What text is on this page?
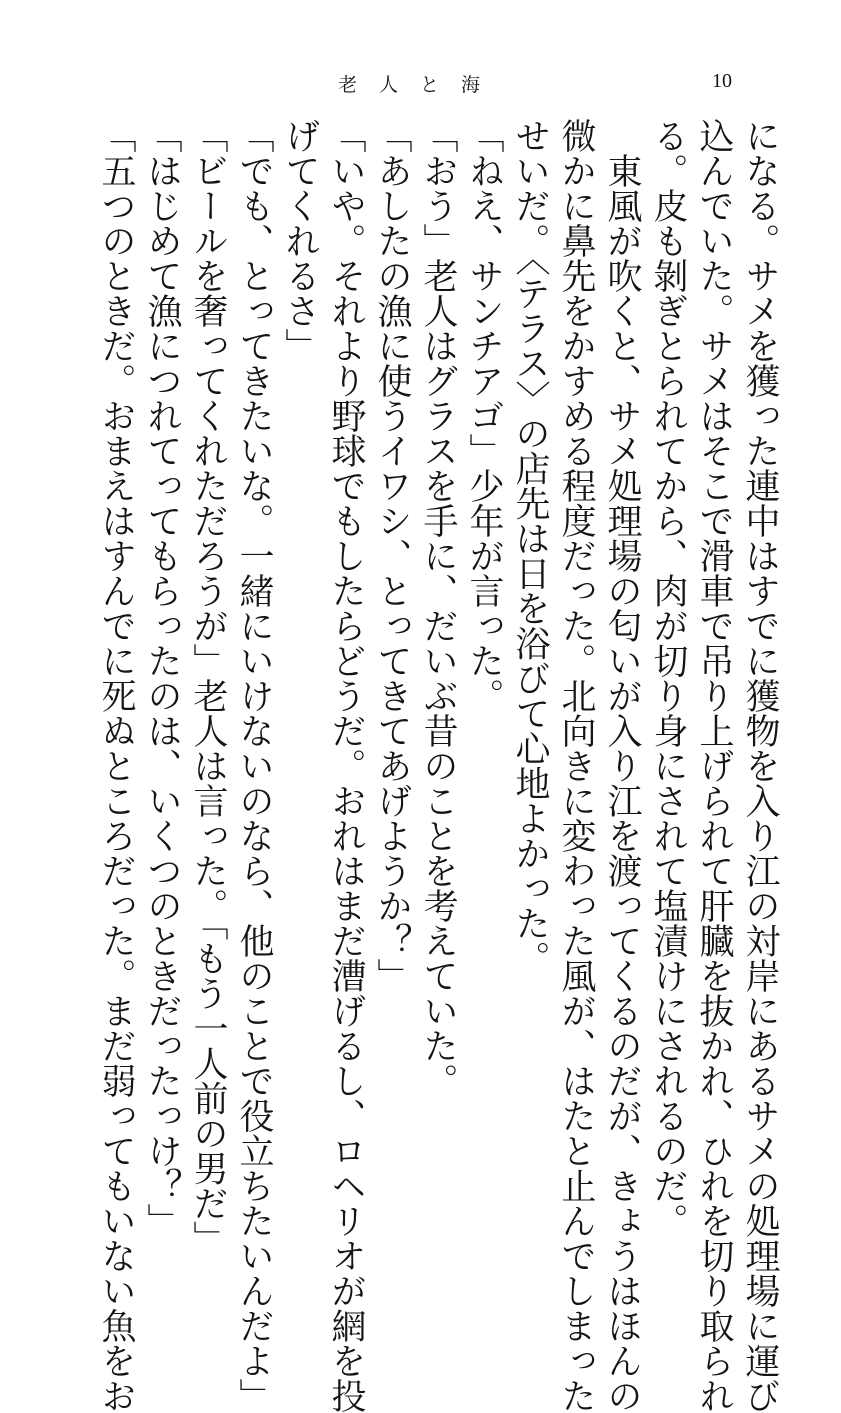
老人と海	10
になる。サメを獲った連中はすでに獲物を入り江の対岸にあるサメの処理場に運び
込んでいた。サメはそこで滑車で吊り上げられて肝臓を抜かれ、ひれを切り取られ
る。皮も剝ぎとられてから、肉が切り身にされて塩漬けにされるのだ。
東風が吹くと、サメ処理場の匂いが入り江を渡ってくるのだが、きょうはほんの
微かに鼻先をかすめる程度だった。北向きに変わった風が、はたと止んでしまった
せいだ。〈テラス〉の店先は日を浴びて心地よかった。
「ねえ、サンチアゴ」少年が言った。
「おう」老人はグラスを手に、だいぶ昔のことを考えていた。
「あしたの漁に使うイワシ、とってきてあげようか？」
「いや。それより野球でもしたらどうだ。おれはまだ漕げるし、ロヘリオが網を投
げてくれるさ」
「でも、とってきたいな。一緒にいけないのなら、他のことで役立ちたいんだよ」
「ビールを奢ってくれただろうが」老人は言った。「もう一人前の男だ」
「はじめて漁につれてってもらったのは、いくつのときだったっけ？」
「五つのときだ。おまえはすんでに死ぬところだった。まだ弱ってもいない魚をお
